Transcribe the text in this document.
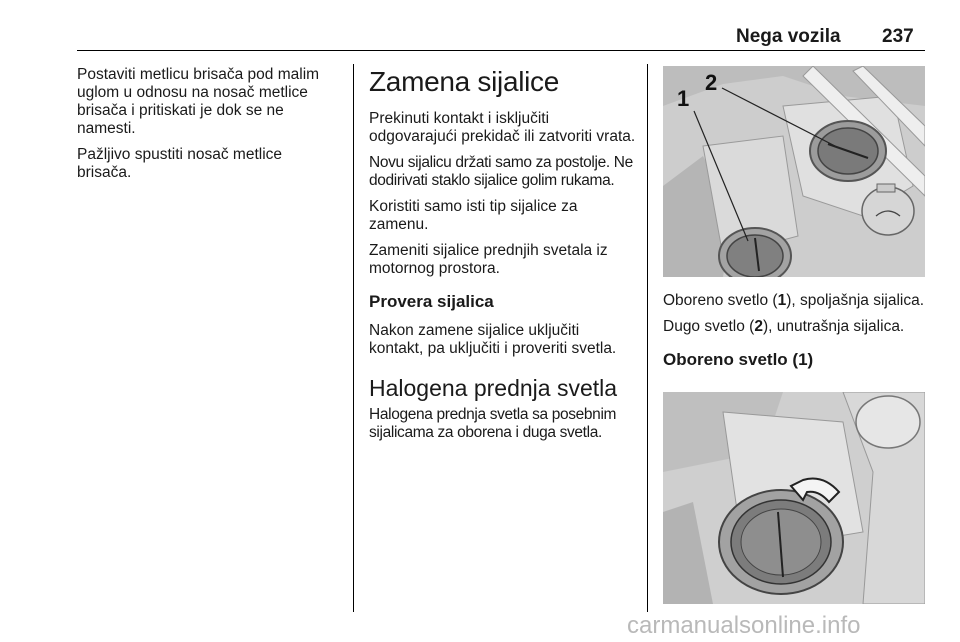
Nega vozila 237

Postaviti metlicu brisača pod malim uglom u odnosu na nosač metlice brisača i pritiskati je dok se ne namesti.

Pažljivo spustiti nosač metlice brisača.

Zamena sijalice

Prekinuti kontakt i isključiti odgovarajući prekidač ili zatvoriti vrata.

Novu sijalicu držati samo za postolje. Ne dodirivati staklo sijalice golim rukama.

Koristiti samo isti tip sijalice za zamenu.

Zameniti sijalice prednjih svetala iz motornog prostora.

Provera sijalica

Nakon zamene sijalice uključiti kontakt, pa uključiti i proveriti svetla.

Halogena prednja svetla

Halogena prednja svetla sa posebnim sijalicama za oborena i duga svetla.

1
2

Oboreno svetlo (1), spoljašnja sijalica.

Dugo svetlo (2), unutrašnja sijalica.

Oboreno svetlo (1)
carmanualsonline.info
